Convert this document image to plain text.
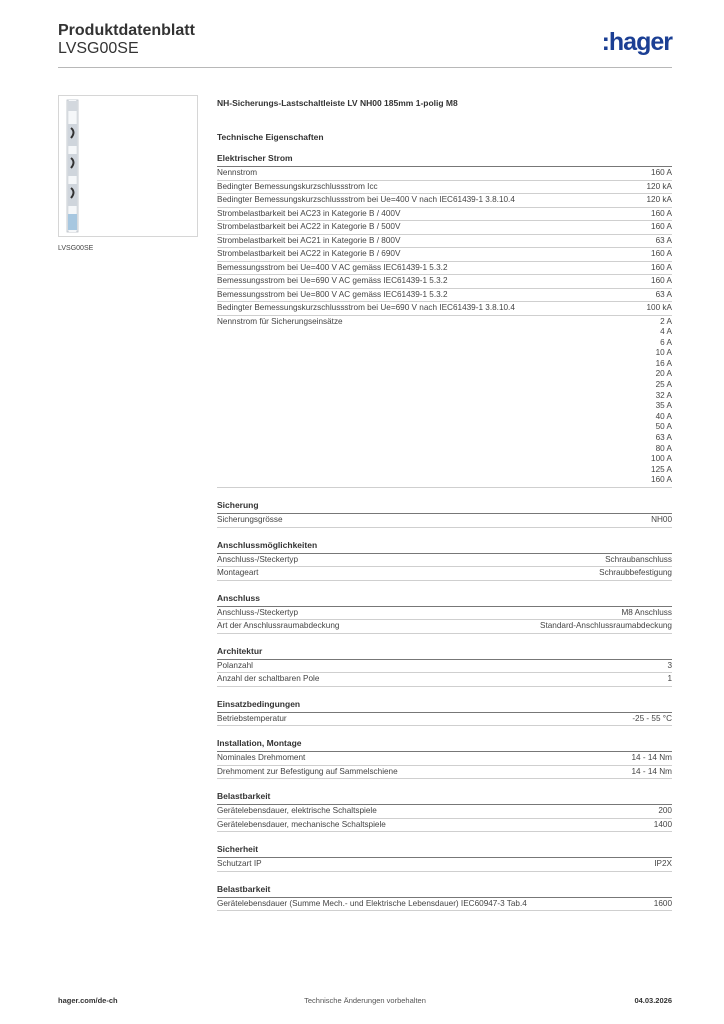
Produktdatenblatt
LVSG00SE	:hager
LVSG00SE
NH-Sicherungs-Lastschaltleiste LV NH00 185mm 1-polig M8
Technische Eigenschaften
Elektrischer Strom
Nennstrom	160 A
Bedingter Bemessungskurzschlussstrom Icc	120 kA
Bedingter Bemessungskurzschlussstrom bei Ue=400 V nach IEC61439-1 3.8.10.4	120 kA
Strombelastbarkeit bei AC23 in Kategorie B / 400V	160 A
Strombelastbarkeit bei AC22 in Kategorie B / 500V	160 A
Strombelastbarkeit bei AC21 in Kategorie B / 800V	63 A
Strombelastbarkeit bei AC22 in Kategorie B / 690V	160 A
Bemessungsstrom bei Ue=400 V AC gemäss IEC61439-1 5.3.2	160 A
Bemessungsstrom bei Ue=690 V AC gemäss IEC61439-1 5.3.2	160 A
Bemessungsstrom bei Ue=800 V AC gemäss IEC61439-1 5.3.2	63 A
Bedingter Bemessungskurzschlussstrom bei Ue=690 V nach IEC61439-1 3.8.10.4	100 kA
Nennstrom für Sicherungseinsätze	2 A
4 A
6 A
10 A
16 A
20 A
25 A
32 A
35 A
40 A
50 A
63 A
80 A
100 A
125 A
160 A
Sicherung
Sicherungsgrösse	NH00
Anschlussmöglichkeiten
Anschluss-/Steckertyp	Schraubanschluss
Montageart	Schraubbefestigung
Anschluss
Anschluss-/Steckertyp	M8 Anschluss
Art der Anschlussraumabdeckung	Standard-Anschlussraumabdeckung
Architektur
Polanzahl	3
Anzahl der schaltbaren Pole	1
Einsatzbedingungen
Betriebstemperatur	-25 - 55 °C
Installation, Montage
Nominales Drehmoment	14 - 14 Nm
Drehmoment zur Befestigung auf Sammelschiene	14 - 14 Nm
Belastbarkeit
Gerätelebensdauer, elektrische Schaltspiele	200
Gerätelebensdauer, mechanische Schaltspiele	1400
Sicherheit
Schutzart IP	IP2X
Belastbarkeit
Gerätelebensdauer (Summe Mech.- und Elektrische Lebensdauer) IEC60947-3 Tab.4	1600
Technische Änderungen vorbehalten
hager.com/de-ch	04.03.2026
